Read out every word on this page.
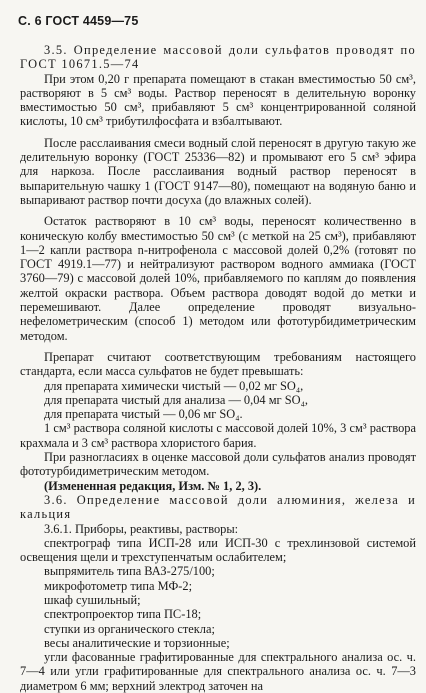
С. 6 ГОСТ 4459—75

3.5. Определение массовой доли сульфатов проводят по ГОСТ 10671.5—74

При этом 0,20 г препарата помещают в стакан вместимостью 50 см³, растворяют в 5 см³ воды. Раствор переносят в делительную воронку вместимостью 50 см³, прибавляют 5 см³ концентрированной соляной кислоты, 10 см³ трибутилфосфата и взбалтывают.

После расслаивания смеси водный слой переносят в другую такую же делительную воронку (ГОСТ 25336—82) и промывают его 5 см³ эфира для наркоза. После расслаивания водный раствор переносят в выпарительную чашку 1 (ГОСТ 9147—80), помещают на водяную баню и выпаривают раствор почти досуха (до влажных солей).

Остаток растворяют в 10 см³ воды, переносят количественно в коническую колбу вместимостью 50 см³ (с меткой на 25 см³), прибавляют 1—2 капли раствора n-нитрофенола с массовой долей 0,2% (готовят по ГОСТ 4919.1—77) и нейтрализуют раствором водного аммиака (ГОСТ 3760—79) с массовой долей 10%, прибавляемого по каплям до появления желтой окраски раствора. Объем раствора доводят водой до метки и перемешивают. Далее определение проводят визуально-нефелометрическим (способ 1) методом или фототурбидиметрическим методом.

Препарат считают соответствующим требованиям настоящего стандарта, если масса сульфатов не будет превышать:

для препарата химически чистый — 0,02 мг SO₄,

для препарата чистый для анализа — 0,04 мг SO₄,

для препарата чистый — 0,06 мг SO₄.

1 см³ раствора соляной кислоты с массовой долей 10%, 3 см³ раствора крахмала и 3 см³ раствора хлористого бария.

При разногласиях в оценке массовой доли сульфатов анализ проводят фототурбидиметрическим методом.

(Измененная редакция, Изм. № 1, 2, 3).

3.6. Определение массовой доли алюминия, железа и кальция

3.6.1. Приборы, реактивы, растворы:

спектрограф типа ИСП-28 или ИСП-30 с трехлинзовой системой освещения щели и трехступенчатым ослабителем;

выпрямитель типа ВАЗ-275/100;

микрофотометр типа МФ-2;

шкаф сушильный;

спектропроектор типа ПС-18;

ступки из органического стекла;

весы аналитические и торзионные;

угли фасованные графитированные для спектрального анализа ос. ч. 7—4 или угли графитированные для спектрального анализа ос. ч. 7—3 диаметром 6 мм; верхний электрод заточен на
